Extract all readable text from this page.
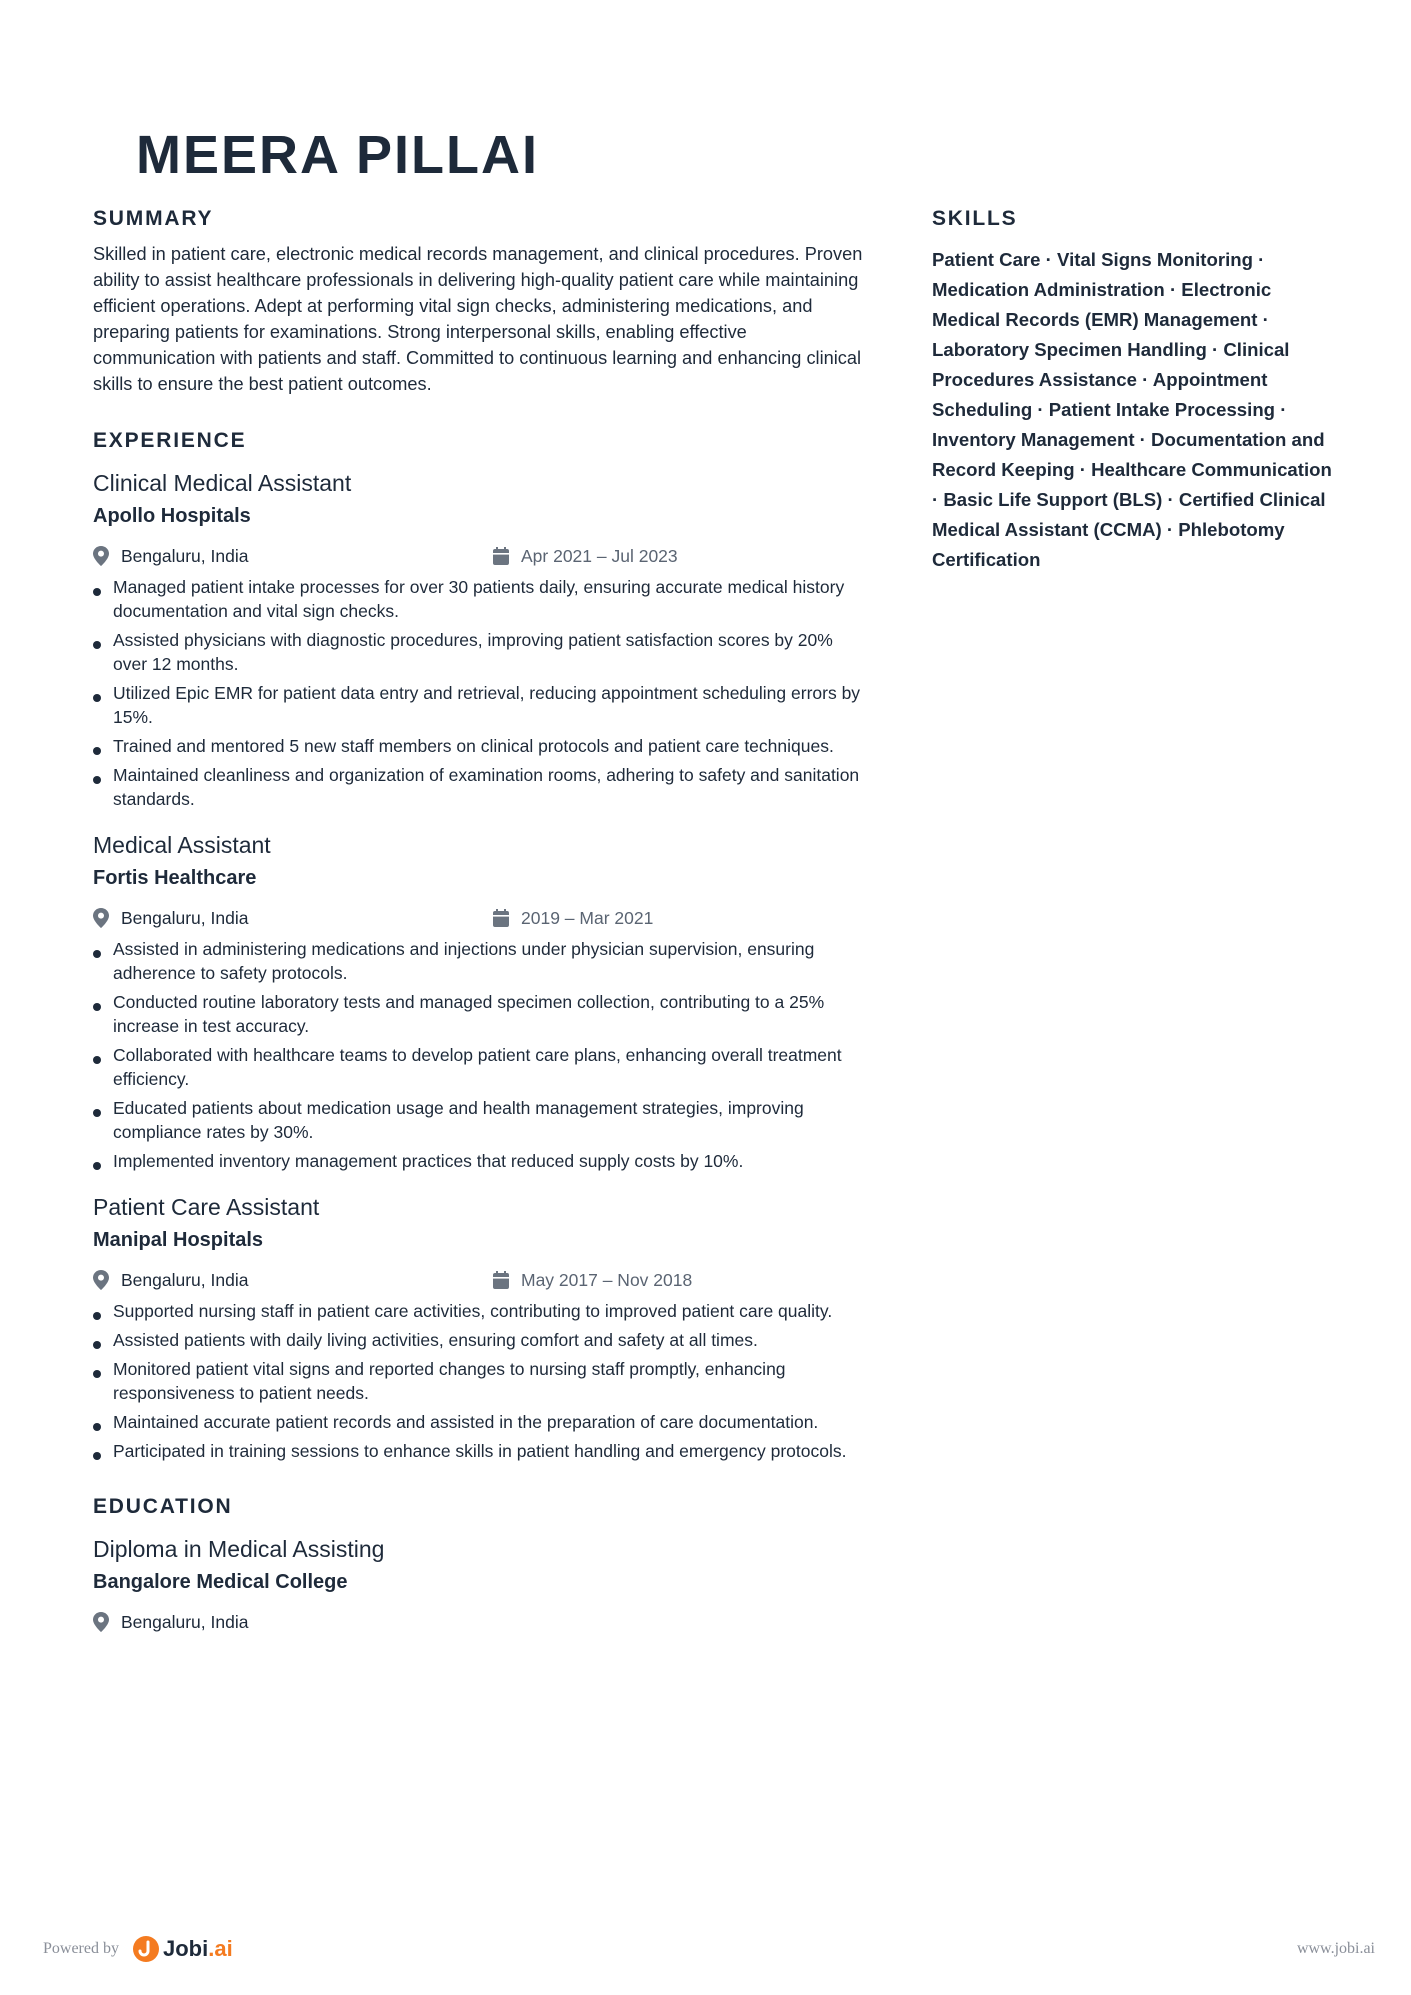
MEERA PILLAI
SUMMARY

Skilled in patient care, electronic medical records management, and clinical procedures. Proven ability to assist healthcare professionals in delivering high-quality patient care while maintaining efficient operations. Adept at performing vital sign checks, administering medications, and preparing patients for examinations. Strong interpersonal skills, enabling effective communication with patients and staff. Committed to continuous learning and enhancing clinical skills to ensure the best patient outcomes.

EXPERIENCE
Clinical Medical Assistant
Apollo Hospitals
Bengaluru, India	Apr 2021 – Jul 2023
Managed patient intake processes for over 30 patients daily, ensuring accurate medical history documentation and vital sign checks.
Assisted physicians with diagnostic procedures, improving patient satisfaction scores by 20% over 12 months.
Utilized Epic EMR for patient data entry and retrieval, reducing appointment scheduling errors by 15%.
Trained and mentored 5 new staff members on clinical protocols and patient care techniques.
Maintained cleanliness and organization of examination rooms, adhering to safety and sanitation standards.
Medical Assistant
Fortis Healthcare
Bengaluru, India	2019 – Mar 2021
Assisted in administering medications and injections under physician supervision, ensuring adherence to safety protocols.
Conducted routine laboratory tests and managed specimen collection, contributing to a 25% increase in test accuracy.
Collaborated with healthcare teams to develop patient care plans, enhancing overall treatment efficiency.
Educated patients about medication usage and health management strategies, improving compliance rates by 30%.
Implemented inventory management practices that reduced supply costs by 10%.
Patient Care Assistant
Manipal Hospitals
Bengaluru, India	May 2017 – Nov 2018
Supported nursing staff in patient care activities, contributing to improved patient care quality.
Assisted patients with daily living activities, ensuring comfort and safety at all times.
Monitored patient vital signs and reported changes to nursing staff promptly, enhancing responsiveness to patient needs.
Maintained accurate patient records and assisted in the preparation of care documentation.
Participated in training sessions to enhance skills in patient handling and emergency protocols.
EDUCATION
Diploma in Medical Assisting
Bangalore Medical College
Bengaluru, India
SKILLS

Patient Care · Vital Signs Monitoring · Medication Administration · Electronic Medical Records (EMR) Management · Laboratory Specimen Handling · Clinical Procedures Assistance · Appointment Scheduling · Patient Intake Processing · Inventory Management · Documentation and Record Keeping · Healthcare Communication · Basic Life Support (BLS) · Certified Clinical Medical Assistant (CCMA) · Phlebotomy Certification

Powered by Jobi.ai	www.jobi.ai
